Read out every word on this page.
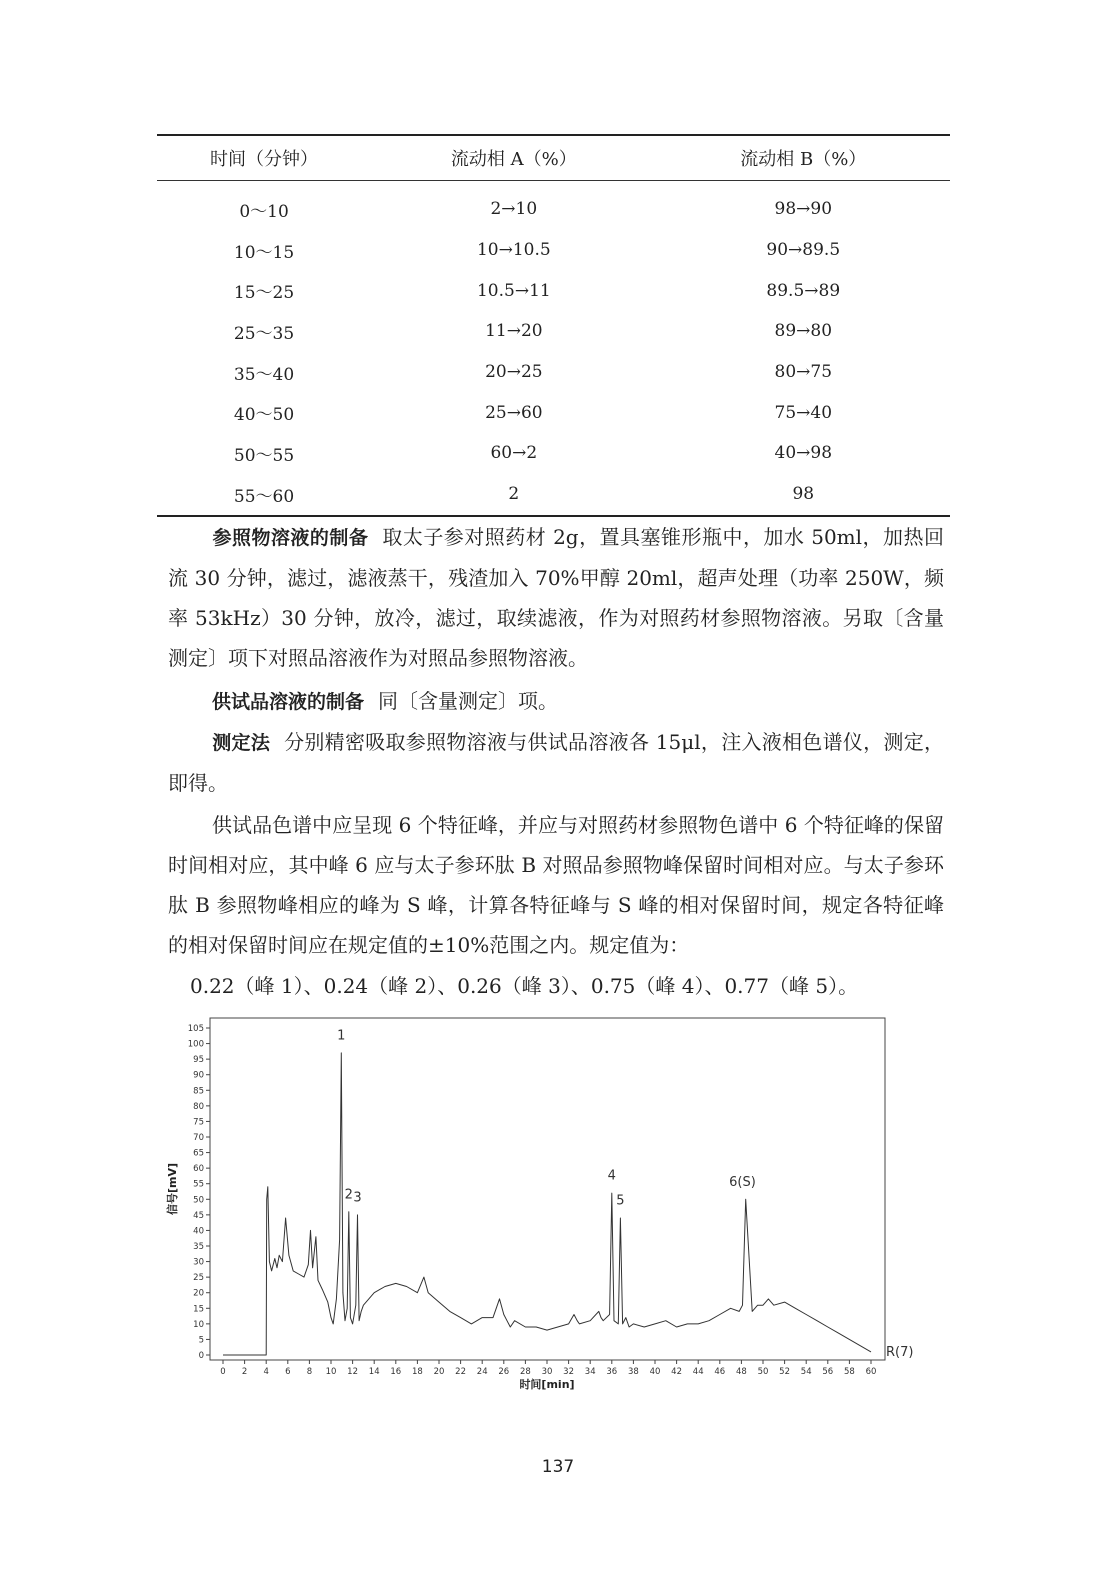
时间（分钟）	流动相 A（%）	流动相 B（%）
0～10	2→10	98→90
10～15	10→10.5	90→89.5
15～25	10.5→11	89.5→89
25～35	11→20	89→80
35～40	20→25	80→75
40～50	25→60	75→40
50～55	60→2	40→98
55～60	2	98

参照物溶液的制备 取太子参对照药材 2g，置具塞锥形瓶中，加水 50ml，加热回流 30 分钟，滤过，滤液蒸干，残渣加入 70%甲醇 20ml，超声处理（功率 250W，频率 53kHz）30 分钟，放冷，滤过，取续滤液，作为对照药材参照物溶液。另取〔含量测定〕项下对照品溶液作为对照品参照物溶液。

供试品溶液的制备 同〔含量测定〕项。

测定法 分别精密吸取参照物溶液与供试品溶液各 15μl，注入液相色谱仪，测定，即得。

供试品色谱中应呈现 6 个特征峰，并应与对照药材参照物色谱中 6 个特征峰的保留时间相对应，其中峰 6 应与太子参环肽 B 对照品参照物峰保留时间相对应。与太子参环肽 B 参照物峰相应的峰为 S 峰，计算各特征峰与 S 峰的相对保留时间，规定各特征峰的相对保留时间应在规定值的±10%范围之内。规定值为：

0.22（峰 1）、0.24（峰 2）、0.26（峰 3）、0.75（峰 4）、0.77（峰 5）。

0
5
10
15
20
25
30
35
40
45
50
55
60
65
70
75
80
85
90
95
100
105
0 2 4 6 8 10 12 14 16 18 20 22 24 26 28 30 32 34 36 38 40 42 44 46 48 50 52 54 56 58 60
1
2 3
4
5
6(S)
信号[mV]
时间[min]
R(7)
137
